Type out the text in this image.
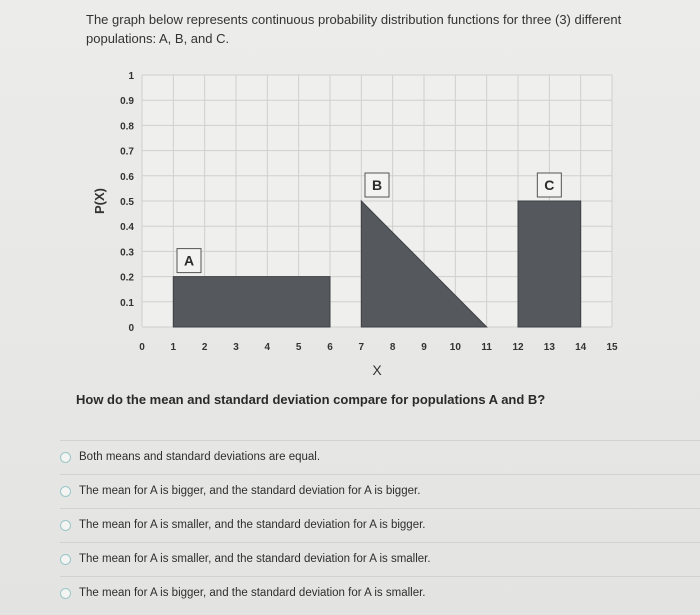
The graph below represents continuous probability distribution functions for three (3) different populations: A, B, and C.
A
B	C
0	1	2	3	4	5	6	7	8	9 10 11 12 13 14 15
0
0.1
0.2
0.3
0.4
0.5
0.6
0.7
0.8
0.9
1
X
P(X)
How do the mean and standard deviation compare for populations A and B?
Both means and standard deviations are equal.
The mean for A is bigger, and the standard deviation for A is bigger.
The mean for A is smaller, and the standard deviation for A is bigger.
The mean for A is smaller, and the standard deviation for A is smaller.
The mean for A is bigger, and the standard deviation for A is smaller.
